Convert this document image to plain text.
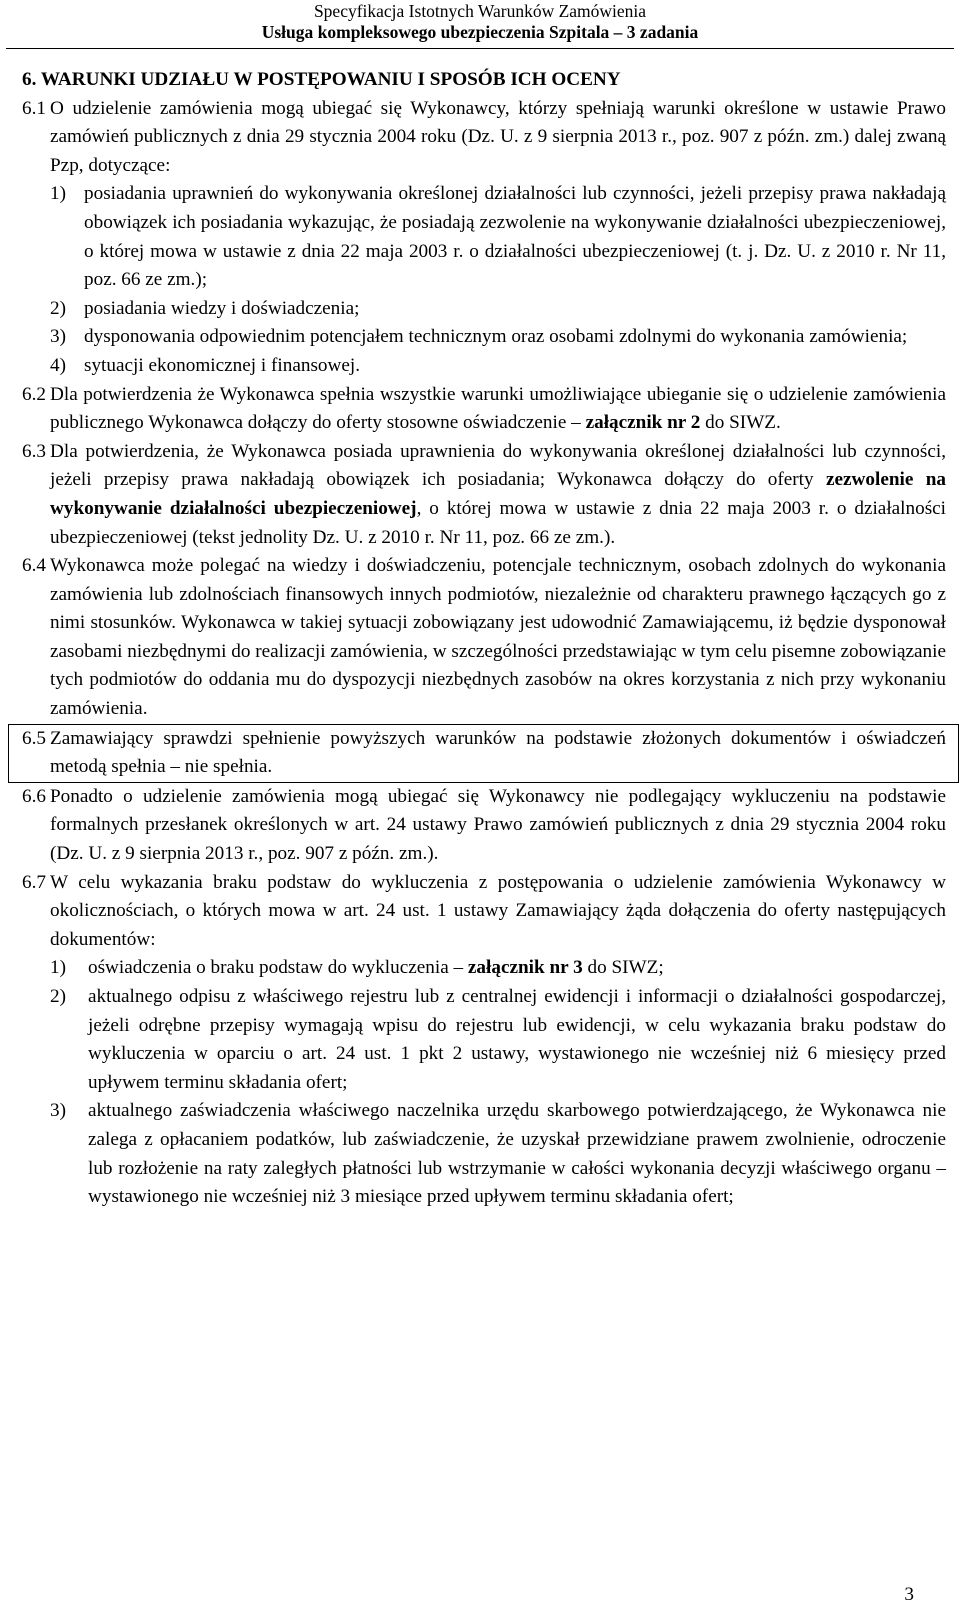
Specyfikacja Istotnych Warunków Zamówienia
Usługa kompleksowego ubezpieczenia Szpitala – 3 zadania
6. WARUNKI UDZIAŁU W POSTĘPOWANIU I SPOSÓB ICH OCENY
6.1 O udzielenie zamówienia mogą ubiegać się Wykonawcy, którzy spełniają warunki określone w ustawie Prawo zamówień publicznych z dnia 29 stycznia 2004 roku (Dz. U. z 9 sierpnia 2013 r., poz. 907 z późn. zm.) dalej zwaną Pzp, dotyczące:
1) posiadania uprawnień do wykonywania określonej działalności lub czynności, jeżeli przepisy prawa nakładają obowiązek ich posiadania wykazując, że posiadają zezwolenie na wykonywanie działalności ubezpieczeniowej, o której mowa w ustawie z dnia 22 maja 2003 r. o działalności ubezpieczeniowej (t. j. Dz. U. z 2010 r. Nr 11, poz. 66 ze zm.);
2) posiadania wiedzy i doświadczenia;
3) dysponowania odpowiednim potencjałem technicznym oraz osobami zdolnymi do wykonania zamówienia;
4) sytuacji ekonomicznej i finansowej.
6.2 Dla potwierdzenia że Wykonawca spełnia wszystkie warunki umożliwiające ubieganie się o udzielenie zamówienia publicznego Wykonawca dołączy do oferty stosowne oświadczenie – załącznik nr 2 do SIWZ.
6.3 Dla potwierdzenia, że Wykonawca posiada uprawnienia do wykonywania określonej działalności lub czynności, jeżeli przepisy prawa nakładają obowiązek ich posiadania; Wykonawca dołączy do oferty zezwolenie na wykonywanie działalności ubezpieczeniowej, o której mowa w ustawie z dnia 22 maja 2003 r. o działalności ubezpieczeniowej (tekst jednolity Dz. U. z 2010 r. Nr 11, poz. 66 ze zm.).
6.4 Wykonawca może polegać na wiedzy i doświadczeniu, potencjale technicznym, osobach zdolnych do wykonania zamówienia lub zdolnościach finansowych innych podmiotów, niezależnie od charakteru prawnego łączących go z nimi stosunków. Wykonawca w takiej sytuacji zobowiązany jest udowodnić Zamawiającemu, iż będzie dysponował zasobami niezbędnymi do realizacji zamówienia, w szczególności przedstawiając w tym celu pisemne zobowiązanie tych podmiotów do oddania mu do dyspozycji niezbędnych zasobów na okres korzystania z nich przy wykonaniu zamówienia.
6.5 Zamawiający sprawdzi spełnienie powyższych warunków na podstawie złożonych dokumentów i oświadczeń metodą spełnia – nie spełnia.
6.6 Ponadto o udzielenie zamówienia mogą ubiegać się Wykonawcy nie podlegający wykluczeniu na podstawie formalnych przesłanek określonych w art. 24 ustawy Prawo zamówień publicznych z dnia 29 stycznia 2004 roku (Dz. U. z 9 sierpnia 2013 r., poz. 907 z późn. zm.).
6.7 W celu wykazania braku podstaw do wykluczenia z postępowania o udzielenie zamówienia Wykonawcy w okolicznościach, o których mowa w art. 24 ust. 1 ustawy Zamawiający żąda dołączenia do oferty następujących dokumentów:
1) oświadczenia o braku podstaw do wykluczenia – załącznik nr 3 do SIWZ;
2) aktualnego odpisu z właściwego rejestru lub z centralnej ewidencji i informacji o działalności gospodarczej, jeżeli odrębne przepisy wymagają wpisu do rejestru lub ewidencji, w celu wykazania braku podstaw do wykluczenia w oparciu o art. 24 ust. 1 pkt 2 ustawy, wystawionego nie wcześniej niż 6 miesięcy przed upływem terminu składania ofert;
3) aktualnego zaświadczenia właściwego naczelnika urzędu skarbowego potwierdzającego, że Wykonawca nie zalega z opłacaniem podatków, lub zaświadczenie, że uzyskał przewidziane prawem zwolnienie, odroczenie lub rozłożenie na raty zaległych płatności lub wstrzymanie w całości wykonania decyzji właściwego organu – wystawionego nie wcześniej niż 3 miesiące przed upływem terminu składania ofert;
3
